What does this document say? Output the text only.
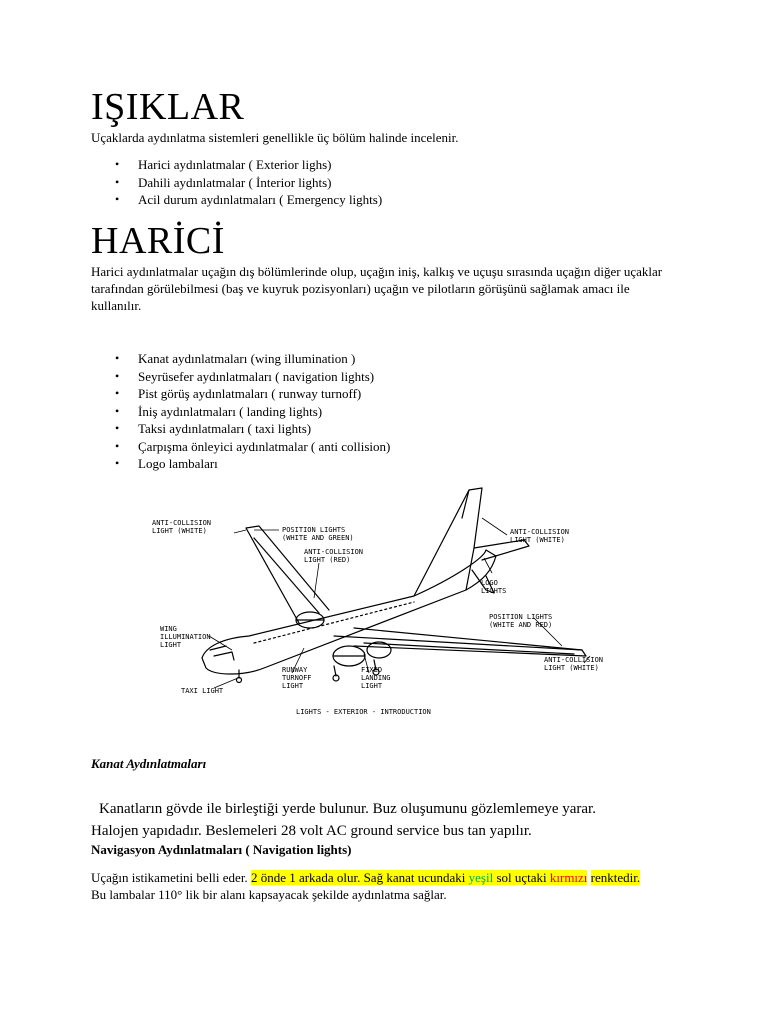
IŞIKLAR

Uçaklarda aydınlatma sistemleri genellikle üç bölüm halinde incelenir.

• Harici aydınlatmalar ( Exterior lighs)
• Dahili aydınlatmalar ( İnterior lights)
• Acil durum aydınlatmaları ( Emergency lights)
HARİCİ

Harici aydınlatmalar uçağın dış bölümlerinde olup, uçağın iniş, kalkış ve uçuşu sırasında uçağın diğer uçaklar tarafından görülebilmesi (baş ve kuyruk pozisyonları) uçağın ve pilotların görüşünü sağlamak amacı ile kullanılır.

• Kanat aydınlatmaları (wing illumination )
• Seyrüsefer aydınlatmaları ( navigation lights)
• Pist görüş aydınlatmaları ( runway turnoff)
• İniş aydınlatmaları ( landing lights)
• Taksi aydınlatmaları ( taxi lights)
• Çarpışma önleyici aydınlatmalar ( anti collision)
• Logo lambaları
ANTI-COLLISION
LIGHT (WHITE)	POSITION LIGHTS
(WHITE AND GREEN)
ANTI-COLLISION
LIGHT (RED)
ANTI-COLLISION
LIGHT (WHITE)
LOGO
LIGHTS
POSITION LIGHTS
(WHITE AND RED)
WING
ILLUMINATION
LIGHT
ANTI-COLLISION
LIGHT (WHITE)
RUNWAY
TURNOFF
LIGHT
FIXED
LANDING
LIGHT
TAXI LIGHT
LIGHTS - EXTERIOR - INTRODUCTION

Kanat Aydınlatmaları

Kanatların gövde ile birleştiği yerde bulunur. Buz oluşumunu gözlemlemeye yarar.

Halojen yapıdadır. Beslemeleri 28 volt AC ground service bus tan yapılır.

Navigasyon Aydınlatmaları ( Navigation lights)

Uçağın istikametini belli eder. 2 önde 1 arkada olur. Sağ kanat ucundaki yeşil sol uçtaki kırmızı renktedir. Bu lambalar 110° lik bir alanı kapsayacak şekilde aydınlatma sağlar.
